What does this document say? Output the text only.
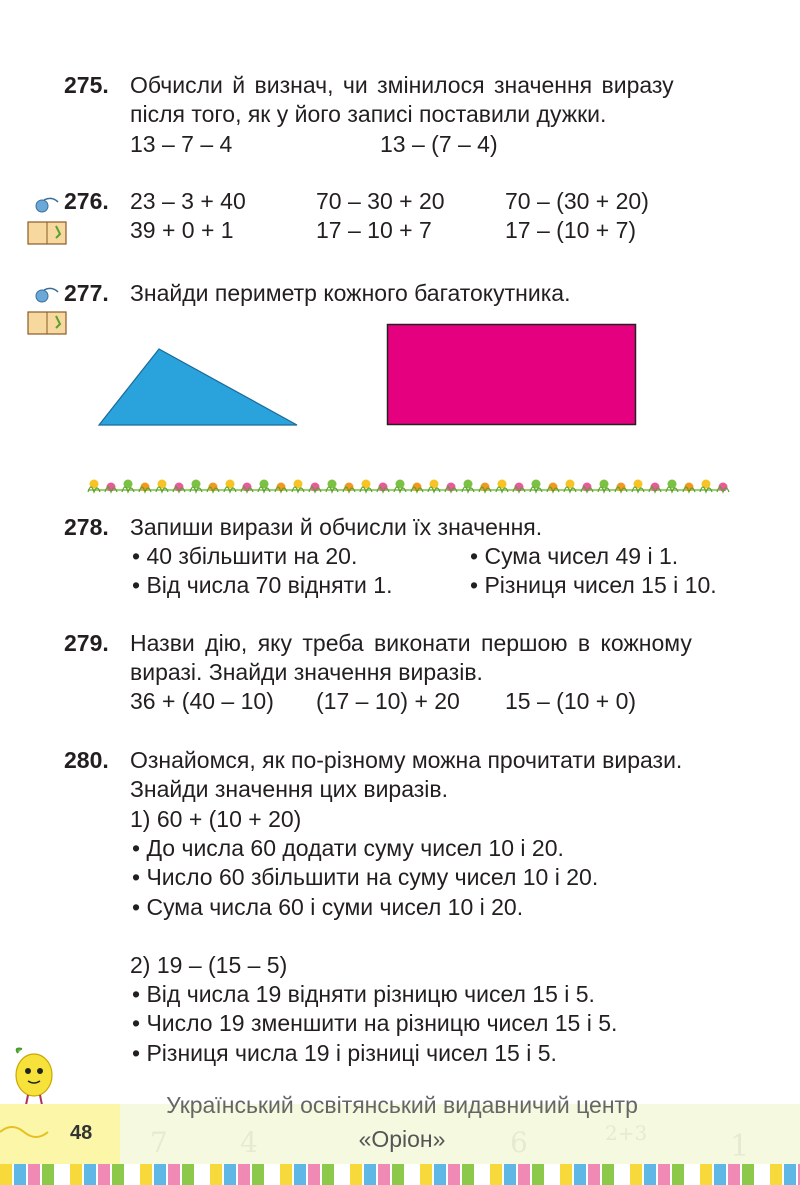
275. Обчисли й визнач, чи змінилося значення виразу
після того, як у його записі поставили дужки.
13 – 7 – 4	13 – (7 – 4)
276. 23 – 3 + 40	70 – 30 + 20	70 – (30 + 20)
39 + 0 + 1	17 – 10 + 7	17 – (10 + 7)
277. Знайди периметр кожного багатокутника.
278. Запиши вирази й обчисли їх значення.
• 40 збільшити на 20.
• Від числа 70 відняти 1.
• Сума чисел 49 і 1.
• Різниця чисел 15 і 10.
279. Назви дію, яку треба виконати першою в кожному
виразі. Знайди значення виразів.
36 + (40 – 10) (17 – 10) + 20 15 – (10 + 0)
280. Ознайомся, як по-різному можна прочитати вирази.
Знайди значення цих виразів.
1) 60 + (10 + 20)
• До числа 60 додати суму чисел 10 і 20.
• Число 60 збільшити на суму чисел 10 і 20.
• Сума числа 60 і суми чисел 10 і 20.
2) 19 – (15 – 5)
• Від числа 19 відняти різницю чисел 15 і 5.
• Число 19 зменшити на різницю чисел 15 і 5.
• Різниця числа 19 і різниці чисел 15 і 5.
7	4	6	2+3	1
48
Український освітянський видавничий центр
«Оріон»
